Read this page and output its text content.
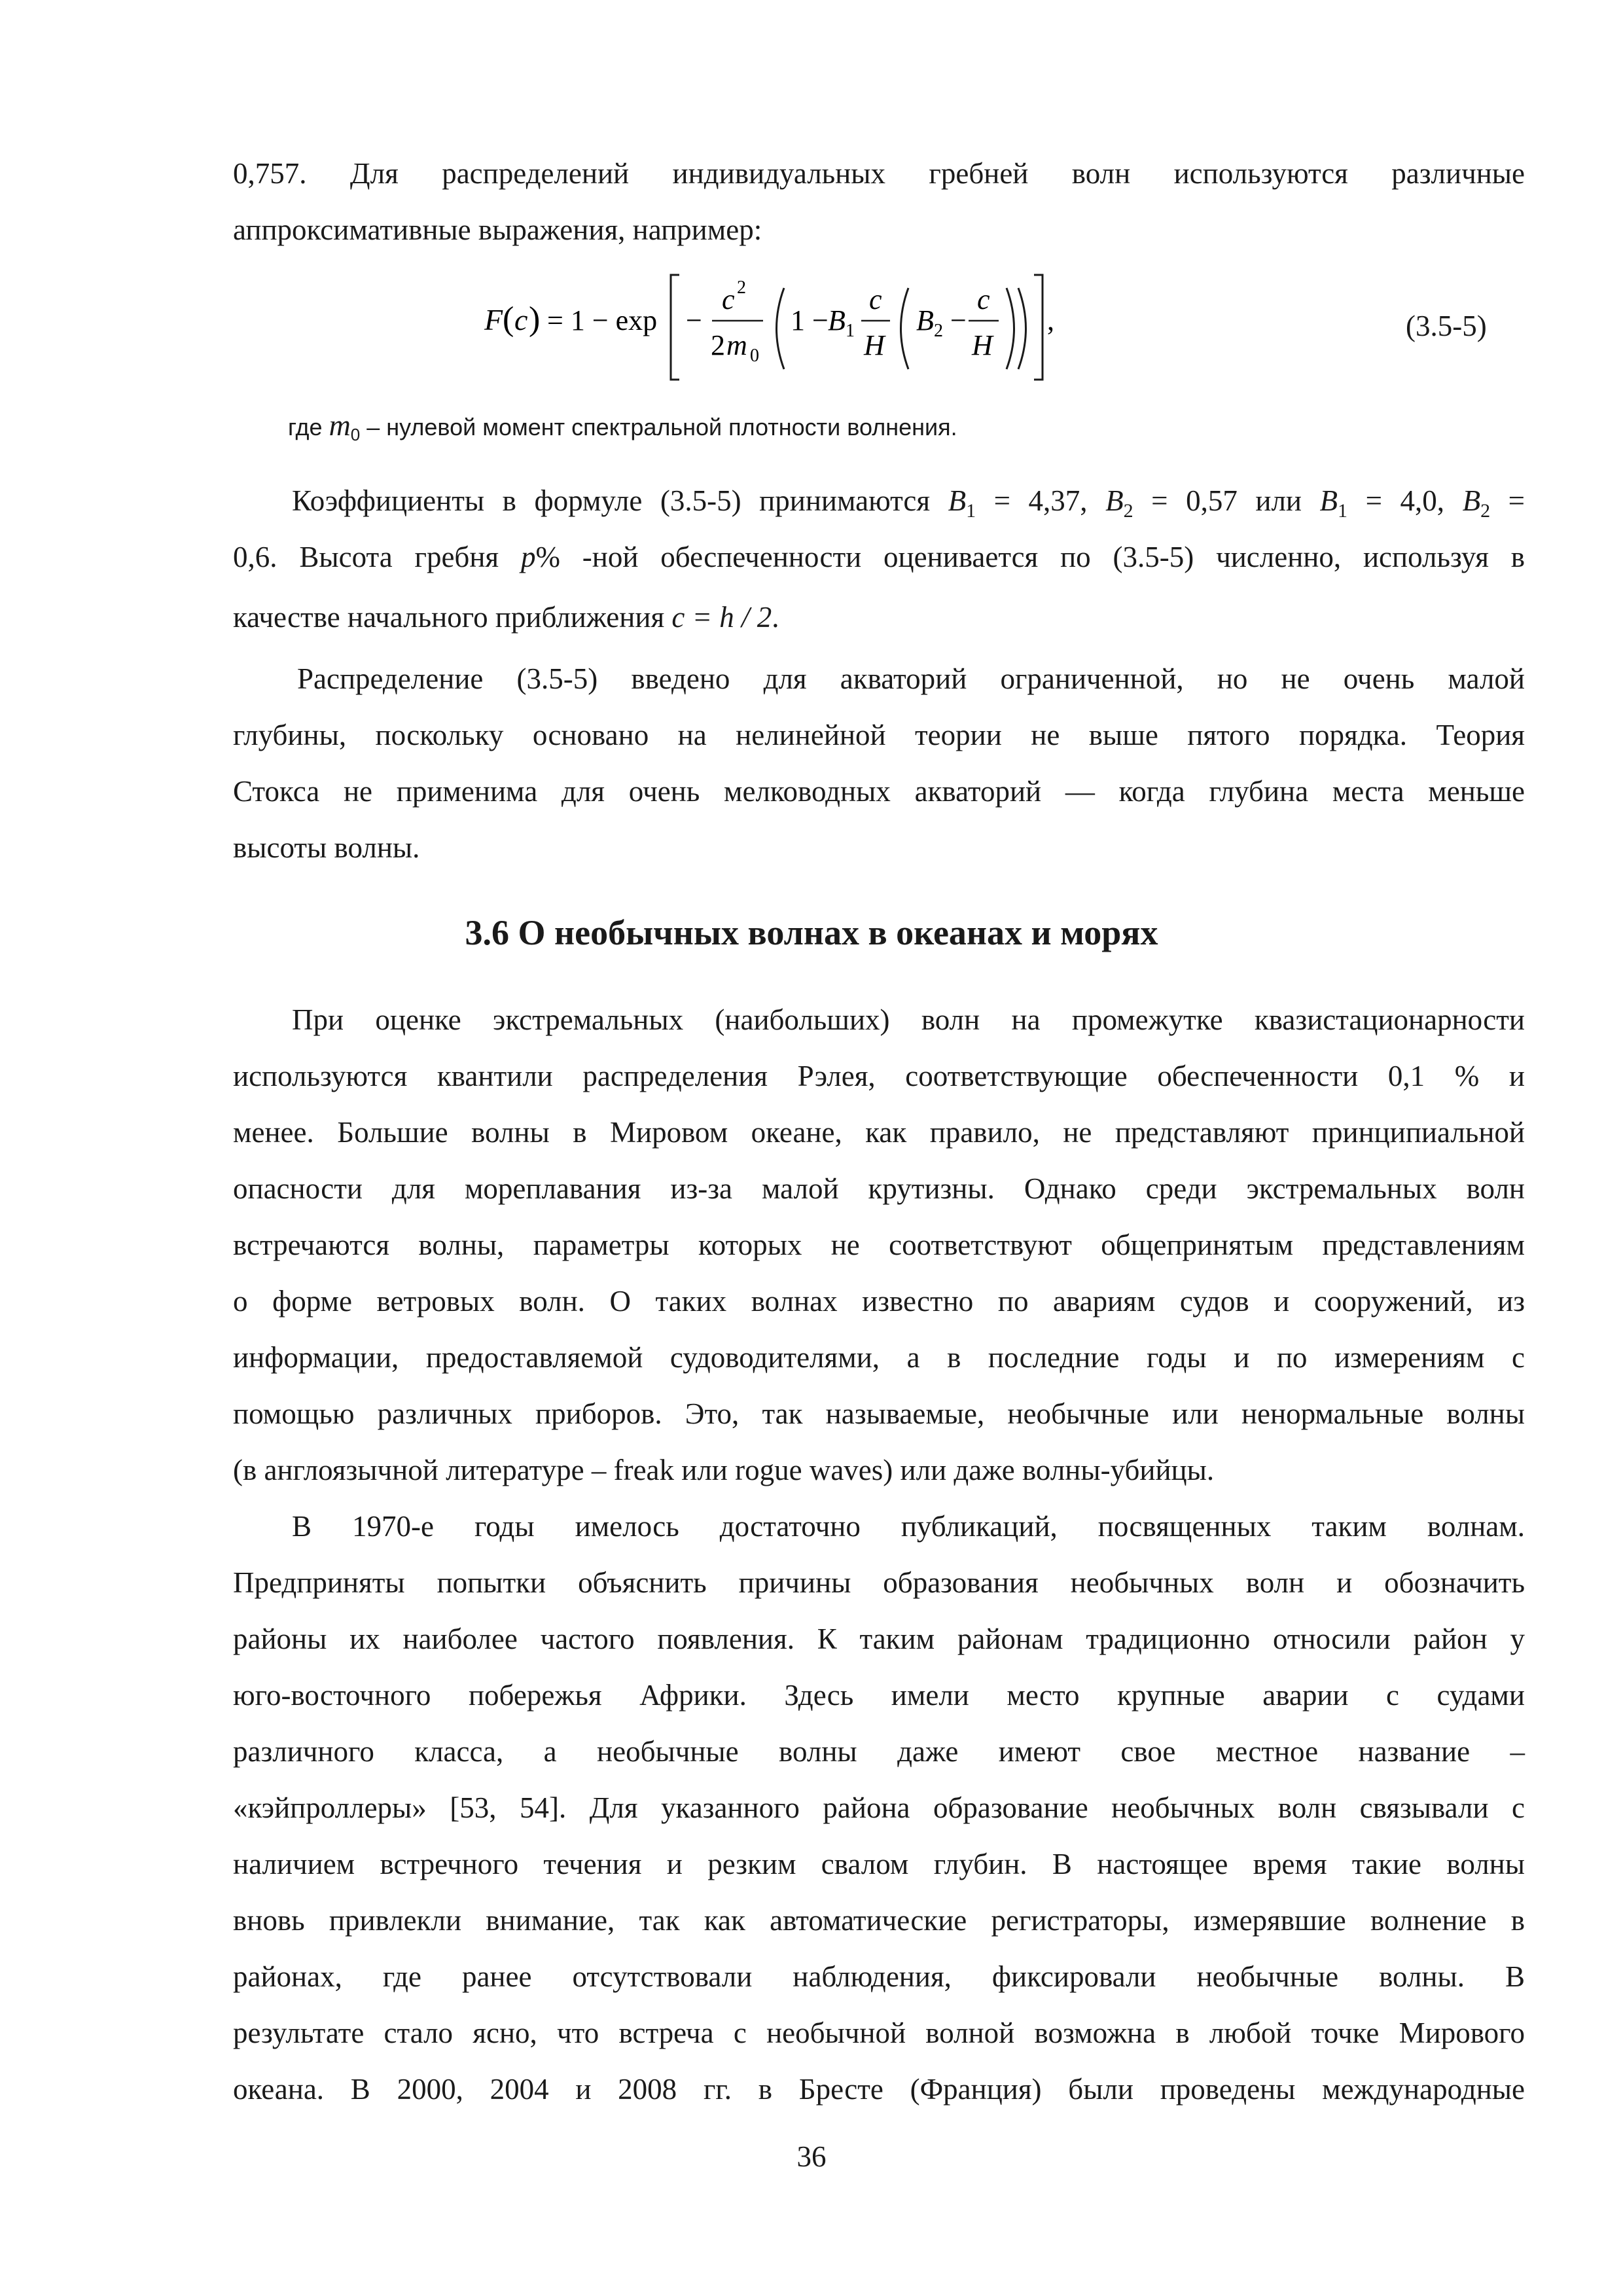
0,757. Для распределений индивидуальных гребней волн используются различные

аппроксимативные выражения, например:

F ( c ) = 1 − exp −
c 2
2 m 0
1 − B 1
c
H
B 2 −
c
H
,	(3.5-5)
где $m_0$ – нулевой момент спектральной плотности волнения.

Коэффициенты в формуле (3.5-5) принимаются $B_1 = 4,37$, $B_2 = 0,57$ или $B_1 = 4,0$, $B_2$ =

0,6. Высота гребня p% -ной обеспеченности оценивается по (3.5-5) численно, используя в

качестве начального приближения c = h / 2.

Распределение (3.5-5) введено для акваторий ограниченной, но не очень малой

глубины, поскольку основано на нелинейной теории не выше пятого порядка. Теория

Стокса не применима для очень мелководных акваторий — когда глубина места меньше

высоты волны.

3.6 О необычных волнах в океанах и морях

При оценке экстремальных (наибольших) волн на промежутке квазистационарности

используются квантили распределения Рэлея, соответствующие обеспеченности 0,1 % и

менее. Большие волны в Мировом океане, как правило, не представляют принципиальной

опасности для мореплавания из-за малой крутизны. Однако среди экстремальных волн

встречаются волны, параметры которых не соответствуют общепринятым представлениям

о форме ветровых волн. О таких волнах известно по авариям судов и сооружений, из

информации, предоставляемой судоводителями, а в последние годы и по измерениям с

помощью различных приборов. Это, так называемые, необычные или ненормальные волны

(в англоязычной литературе – freak или rogue waves) или даже волны-убийцы.

В 1970-е годы имелось достаточно публикаций, посвященных таким волнам.

Предприняты попытки объяснить причины образования необычных волн и обозначить

районы их наиболее частого появления. К таким районам традиционно относили район у

юго-восточного побережья Африки. Здесь имели место крупные аварии с судами

различного класса, а необычные волны даже имеют свое местное название –

«кэйпроллеры» [53, 54]. Для указанного района образование необычных волн связывали с

наличием встречного течения и резким свалом глубин. В настоящее время такие волны

вновь привлекли внимание, так как автоматические регистраторы, измерявшие волнение в

районах, где ранее отсутствовали наблюдения, фиксировали необычные волны. В

результате стало ясно, что встреча с необычной волной возможна в любой точке Мирового

океана. В 2000, 2004 и 2008 гг. в Бресте (Франция) были проведены международные

36
